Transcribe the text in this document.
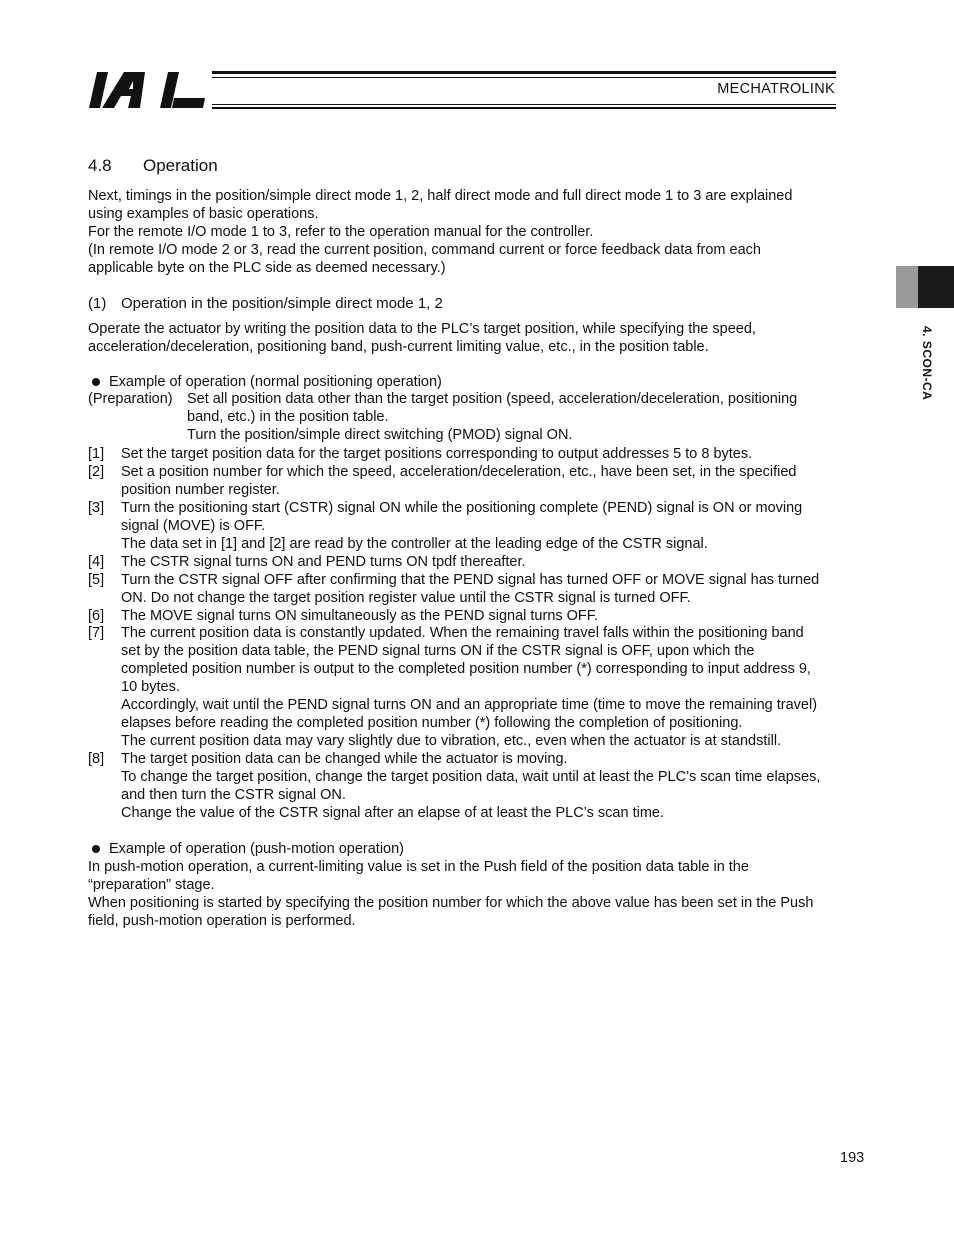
MECHATROLINK
4.8 Operation
Next, timings in the position/simple direct mode 1, 2, half direct mode and full direct mode 1 to 3 are explained
using examples of basic operations.
For the remote I/O mode 1 to 3, refer to the operation manual for the controller.
(In remote I/O mode 2 or 3, read the current position, command current or force feedback data from each
applicable byte on the PLC side as deemed necessary.)
(1) Operation in the position/simple direct mode 1, 2
Operate the actuator by writing the position data to the PLC’s target position, while specifying the speed,
acceleration/deceleration, positioning band, push-current limiting value, etc., in the position table.
Example of operation (normal positioning operation)
(Preparation) Set all position data other than the target position (speed, acceleration/deceleration, positioning
band, etc.) in the position table.
Turn the position/simple direct switching (PMOD) signal ON.
[1] Set the target position data for the target positions corresponding to output addresses 5 to 8 bytes.
[2] Set a position number for which the speed, acceleration/deceleration, etc., have been set, in the specified
position number register.
[3] Turn the positioning start (CSTR) signal ON while the positioning complete (PEND) signal is ON or moving
signal (MOVE) is OFF.
The data set in [1] and [2] are read by the controller at the leading edge of the CSTR signal.
[4] The CSTR signal turns ON and PEND turns ON tpdf thereafter.
[5] Turn the CSTR signal OFF after confirming that the PEND signal has turned OFF or MOVE signal has turned
ON. Do not change the target position register value until the CSTR signal is turned OFF.
[6] The MOVE signal turns ON simultaneously as the PEND signal turns OFF.
[7] The current position data is constantly updated. When the remaining travel falls within the positioning band
set by the position data table, the PEND signal turns ON if the CSTR signal is OFF, upon which the
completed position number is output to the completed position number (*) corresponding to input address 9,
10 bytes.
Accordingly, wait until the PEND signal turns ON and an appropriate time (time to move the remaining travel)
elapses before reading the completed position number (*) following the completion of positioning.
The current position data may vary slightly due to vibration, etc., even when the actuator is at standstill.
[8] The target position data can be changed while the actuator is moving.
To change the target position, change the target position data, wait until at least the PLC’s scan time elapses,
and then turn the CSTR signal ON.
Change the value of the CSTR signal after an elapse of at least the PLC’s scan time.
Example of operation (push-motion operation)
In push-motion operation, a current-limiting value is set in the Push field of the position data table in the
“preparation” stage.
When positioning is started by specifying the position number for which the above value has been set in the Push
field, push-motion operation is performed.
4. SCON-CA
193
